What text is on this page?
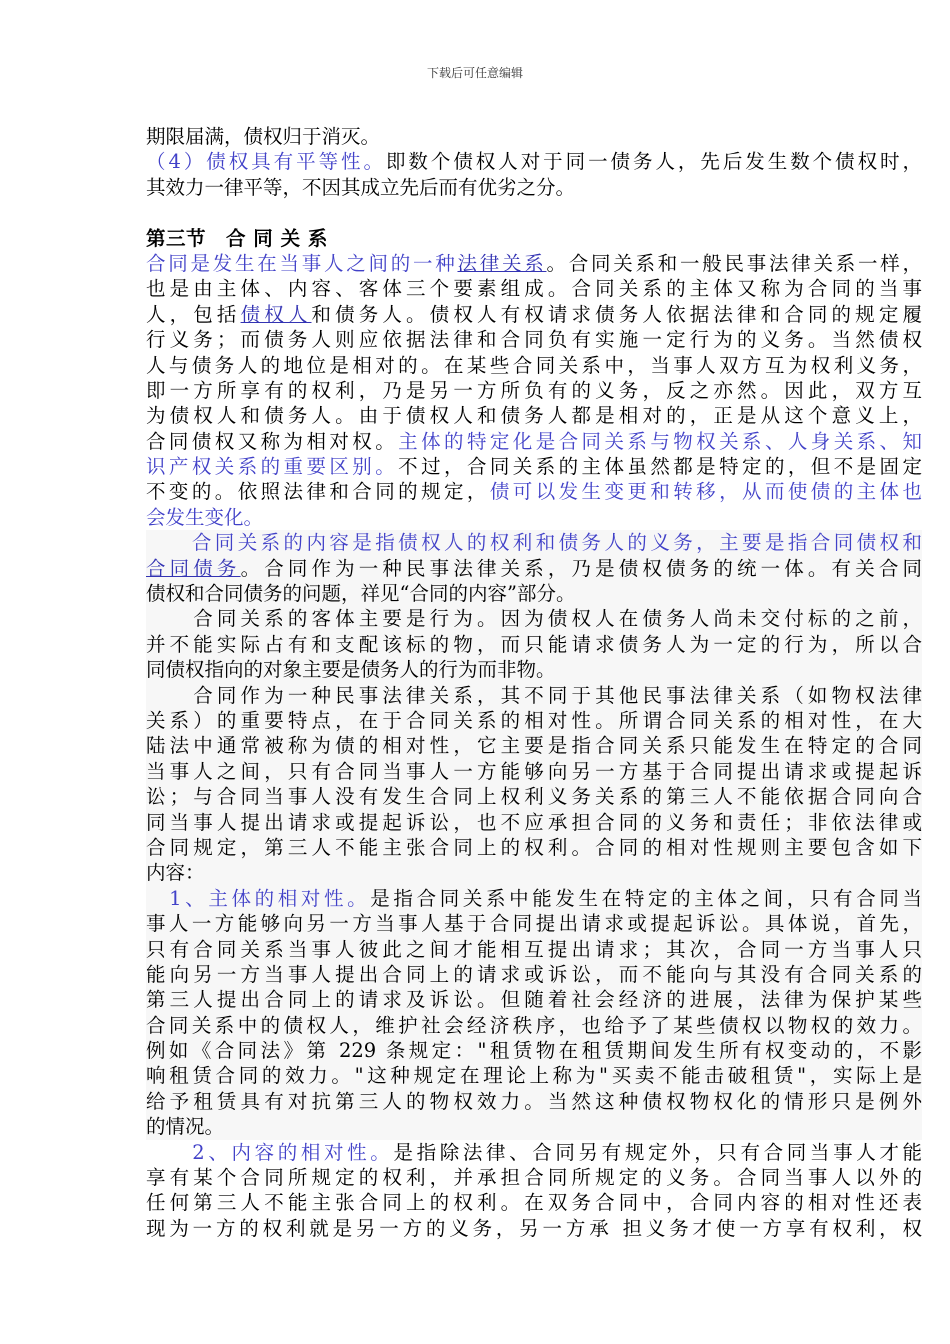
下载后可任意编辑
期限届满，债权归于消灭。
（4）债权具有平等性。即数个债权人对于同一债务人，先后发生数个债权时，
其效力一律平等，不因其成立先后而有优劣之分。
第三节　合 同 关 系
合同是发生在当事人之间的一种法律关系。合同关系和一般民事法律关系一样，
也是由主体、内容、客体三个要素组成。合同关系的主体又称为合同的当事
人，包括债权人和债务人。债权人有权请求债务人依据法律和合同的规定履
行义务；而债务人则应依据法律和合同负有实施一定行为的义务。当然债权
人与债务人的地位是相对的。在某些合同关系中，当事人双方互为权利义务，
即一方所享有的权利，乃是另一方所负有的义务，反之亦然。因此，双方互
为债权人和债务人。由于债权人和债务人都是相对的，正是从这个意义上，
合同债权又称为相对权。主体的特定化是合同关系与物权关系、人身关系、知
识产权关系的重要区别。不过，合同关系的主体虽然都是特定的，但不是固定
不变的。依照法律和合同的规定，债可以发生变更和转移，从而使债的主体也
会发生变化。
　　合同关系的内容是指债权人的权利和债务人的义务，主要是指合同债权和
合同债务。合同作为一种民事法律关系，乃是债权债务的统一体。有关合同
债权和合同债务的问题，祥见“合同的内容”部分。
　　合同关系的客体主要是行为。因为债权人在债务人尚未交付标的之前，
并不能实际占有和支配该标的物，而只能请求债务人为一定的行为，所以合
同债权指向的对象主要是债务人的行为而非物。
　　合同作为一种民事法律关系，其不同于其他民事法律关系（如物权法律
关系）的重要特点，在于合同关系的相对性。所谓合同关系的相对性，在大
陆法中通常被称为债的相对性，它主要是指合同关系只能发生在特定的合同
当事人之间，只有合同当事人一方能够向另一方基于合同提出请求或提起诉
讼；与合同当事人没有发生合同上权利义务关系的第三人不能依据合同向合
同当事人提出请求或提起诉讼，也不应承担合同的义务和责任；非依法律或
合同规定，第三人不能主张合同上的权利。合同的相对性规则主要包含如下
内容：
　1、主体的相对性。是指合同关系中能发生在特定的主体之间，只有合同当
事人一方能够向另一方当事人基于合同提出请求或提起诉讼。具体说，首先，
只有合同关系当事人彼此之间才能相互提出请求；其次，合同一方当事人只
能向另一方当事人提出合同上的请求或诉讼，而不能向与其没有合同关系的
第三人提出合同上的请求及诉讼。但随着社会经济的进展，法律为保护某些
合同关系中的债权人，维护社会经济秩序，也给予了某些债权以物权的效力。
例如《合同法》第 229 条规定："租赁物在租赁期间发生所有权变动的，不影
响租赁合同的效力。"这种规定在理论上称为"买卖不能击破租赁"，实际上是
给予租赁具有对抗第三人的物权效力。当然这种债权物权化的情形只是例外
的情况。
　　2、内容的相对性。是指除法律、合同另有规定外，只有合同当事人才能
享有某个合同所规定的权利，并承担合同所规定的义务。合同当事人以外的
任何第三人不能主张合同上的权利。在双务合同中，合同内容的相对性还表
现为一方的权利就是另一方的义务，另一方承 担义务才使一方享有权利，权
